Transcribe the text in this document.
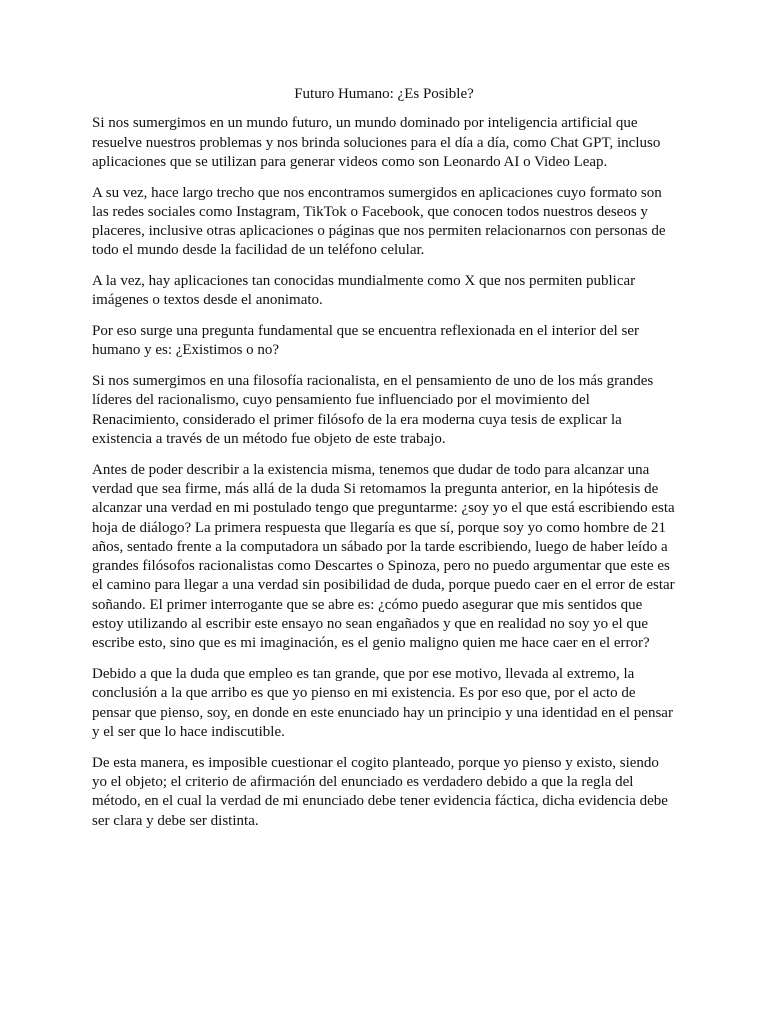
Futuro Humano: ¿Es Posible?

Si nos sumergimos en un mundo futuro, un mundo dominado por inteligencia artificial que resuelve nuestros problemas y nos brinda soluciones para el día a día, como Chat GPT, incluso aplicaciones que se utilizan para generar videos como son Leonardo AI o Video Leap.

A su vez, hace largo trecho que nos encontramos sumergidos en aplicaciones cuyo formato son las redes sociales como Instagram, TikTok o Facebook, que conocen todos nuestros deseos y placeres, inclusive otras aplicaciones o páginas que nos permiten relacionarnos con personas de todo el mundo desde la facilidad de un teléfono celular.

A la vez, hay aplicaciones tan conocidas mundialmente como X que nos permiten publicar imágenes o textos desde el anonimato.

Por eso surge una pregunta fundamental que se encuentra reflexionada en el interior del ser humano y es: ¿Existimos o no?

Si nos sumergimos en una filosofía racionalista, en el pensamiento de uno de los más grandes líderes del racionalismo, cuyo pensamiento fue influenciado por el movimiento del Renacimiento, considerado el primer filósofo de la era moderna cuya tesis de explicar la existencia a través de un método fue objeto de este trabajo.

Antes de poder describir a la existencia misma, tenemos que dudar de todo para alcanzar una verdad que sea firme, más allá de la duda Si retomamos la pregunta anterior, en la hipótesis de alcanzar una verdad en mi postulado tengo que preguntarme: ¿soy yo el que está escribiendo esta hoja de diálogo? La primera respuesta que llegaría es que sí, porque soy yo como hombre de 21 años, sentado frente a la computadora un sábado por la tarde escribiendo, luego de haber leído a grandes filósofos racionalistas como Descartes o Spinoza, pero no puedo argumentar que este es el camino para llegar a una verdad sin posibilidad de duda, porque puedo caer en el error de estar soñando. El primer interrogante que se abre es: ¿cómo puedo asegurar que mis sentidos que estoy utilizando al escribir este ensayo no sean engañados y que en realidad no soy yo el que escribe esto, sino que es mi imaginación, es el genio maligno quien me hace caer en el error?

Debido a que la duda que empleo es tan grande, que por ese motivo, llevada al extremo, la conclusión a la que arribo es que yo pienso en mi existencia. Es por eso que, por el acto de pensar que pienso, soy, en donde en este enunciado hay un principio y una identidad en el pensar y el ser que lo hace indiscutible.

De esta manera, es imposible cuestionar el cogito planteado, porque yo pienso y existo, siendo yo el objeto; el criterio de afirmación del enunciado es verdadero debido a que la regla del método, en el cual la verdad de mi enunciado debe tener evidencia fáctica, dicha evidencia debe ser clara y debe ser distinta.
